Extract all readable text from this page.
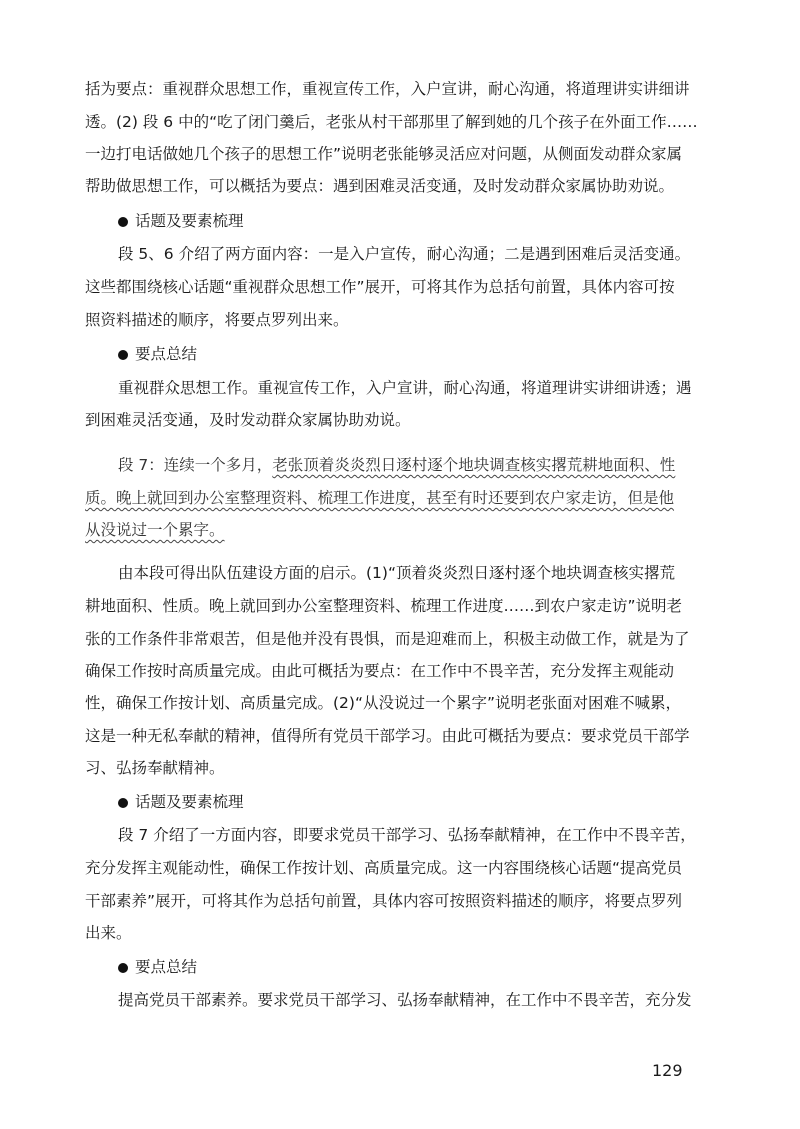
括为要点：重视群众思想工作，重视宣传工作，入户宣讲，耐心沟通，将道理讲实讲细讲
透。(2) 段 6 中的“吃了闭门羹后，老张从村干部那里了解到她的几个孩子在外面工作……
一边打电话做她几个孩子的思想工作”说明老张能够灵活应对问题，从侧面发动群众家属
帮助做思想工作，可以概括为要点：遇到困难灵活变通，及时发动群众家属协助劝说。
话题及要素梳理
段 5、6 介绍了两方面内容：一是入户宣传，耐心沟通；二是遇到困难后灵活变通。
这些都围绕核心话题“重视群众思想工作”展开，可将其作为总括句前置，具体内容可按
照资料描述的顺序，将要点罗列出来。
要点总结
重视群众思想工作。重视宣传工作，入户宣讲，耐心沟通，将道理讲实讲细讲透；遇
到困难灵活变通，及时发动群众家属协助劝说。
段 7：连续一个多月，老张顶着炎炎烈日逐村逐个地块调查核实撂荒耕地面积、性
质。晚上就回到办公室整理资料、梳理工作进度，甚至有时还要到农户家走访，但是他
从没说过一个累字。
由本段可得出队伍建设方面的启示。(1)“顶着炎炎烈日逐村逐个地块调查核实撂荒
耕地面积、性质。晚上就回到办公室整理资料、梳理工作进度……到农户家走访”说明老
张的工作条件非常艰苦，但是他并没有畏惧，而是迎难而上，积极主动做工作，就是为了
确保工作按时高质量完成。由此可概括为要点：在工作中不畏辛苦，充分发挥主观能动
性，确保工作按计划、高质量完成。(2)“从没说过一个累字”说明老张面对困难不喊累，
这是一种无私奉献的精神，值得所有党员干部学习。由此可概括为要点：要求党员干部学
习、弘扬奉献精神。
话题及要素梳理
段 7 介绍了一方面内容，即要求党员干部学习、弘扬奉献精神，在工作中不畏辛苦，
充分发挥主观能动性，确保工作按计划、高质量完成。这一内容围绕核心话题“提高党员
干部素养”展开，可将其作为总括句前置，具体内容可按照资料描述的顺序，将要点罗列
出来。
要点总结
提高党员干部素养。要求党员干部学习、弘扬奉献精神，在工作中不畏辛苦，充分发
129
